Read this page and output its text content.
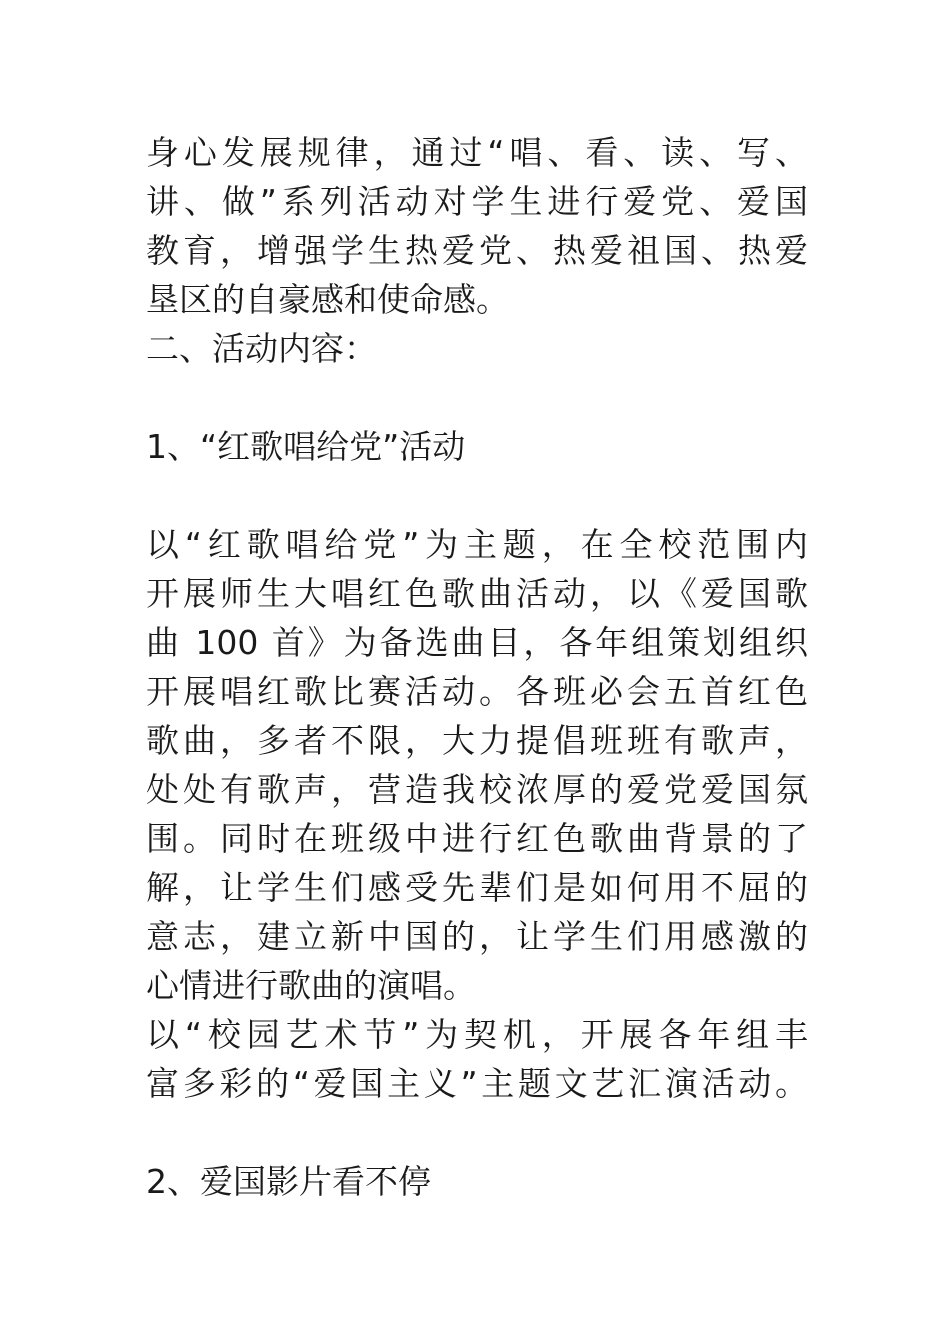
身心发展规律，通过“唱、看、读、写、
讲、做”系列活动对学生进行爱党、爱国
教育，增强学生热爱党、热爱祖国、热爱
垦区的自豪感和使命感。
二、活动内容：
1、“红歌唱给党”活动
以“红歌唱给党”为主题，在全校范围内
开展师生大唱红色歌曲活动，以《爱国歌
曲 100 首》为备选曲目，各年组策划组织
开展唱红歌比赛活动。各班必会五首红色
歌曲，多者不限，大力提倡班班有歌声，
处处有歌声，营造我校浓厚的爱党爱国氛
围。同时在班级中进行红色歌曲背景的了
解，让学生们感受先辈们是如何用不屈的
意志，建立新中国的，让学生们用感激的
心情进行歌曲的演唱。
以“校园艺术节”为契机，开展各年组丰
富多彩的“爱国主义”主题文艺汇演活动。
2、爱国影片看不停
